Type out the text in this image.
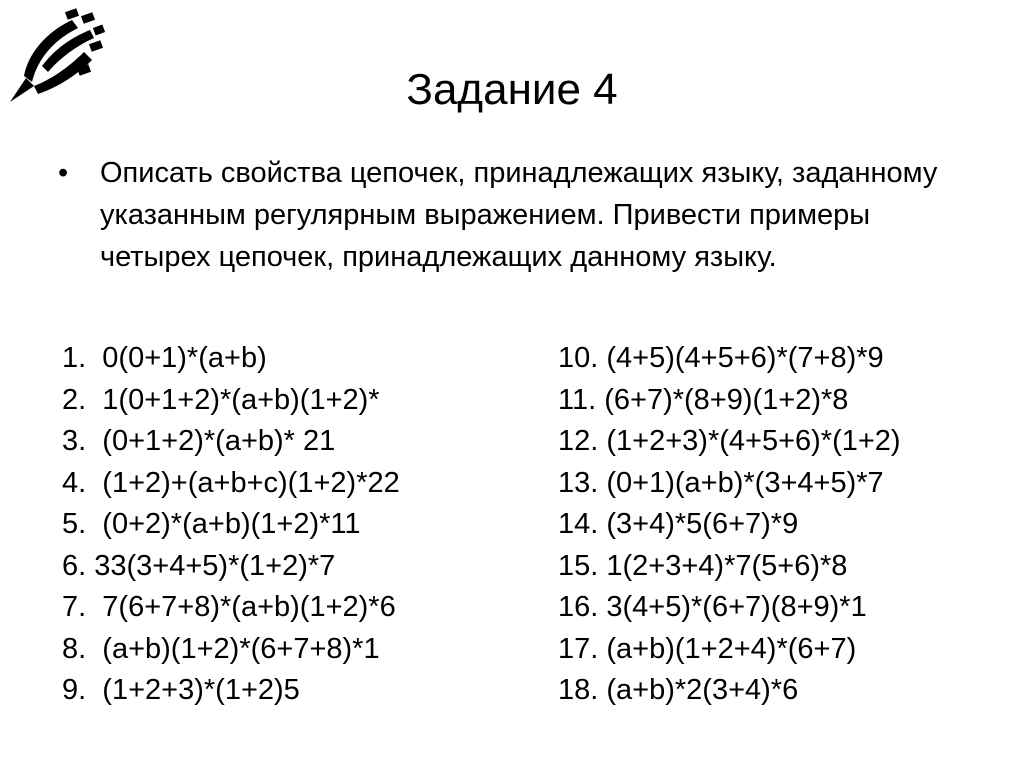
Задание 4
•	Описать свойства цепочек, принадлежащих языку, заданному указанным регулярным выражением. Привести примеры четырех цепочек, принадлежащих данному языку.
1.  0(0+1)*(a+b)
2.  1(0+1+2)*(a+b)(1+2)*
3.  (0+1+2)*(a+b)* 21
4.  (1+2)+(a+b+c)(1+2)*22
5.  (0+2)*(a+b)(1+2)*11
6. 33(3+4+5)*(1+2)*7
7.  7(6+7+8)*(a+b)(1+2)*6
8.  (a+b)(1+2)*(6+7+8)*1
9.  (1+2+3)*(1+2)5
10. (4+5)(4+5+6)*(7+8)*9
11. (6+7)*(8+9)(1+2)*8
12. (1+2+3)*(4+5+6)*(1+2)
13. (0+1)(a+b)*(3+4+5)*7
14. (3+4)*5(6+7)*9
15. 1(2+3+4)*7(5+6)*8
16. 3(4+5)*(6+7)(8+9)*1
17. (a+b)(1+2+4)*(6+7)
18. (a+b)*2(3+4)*6
